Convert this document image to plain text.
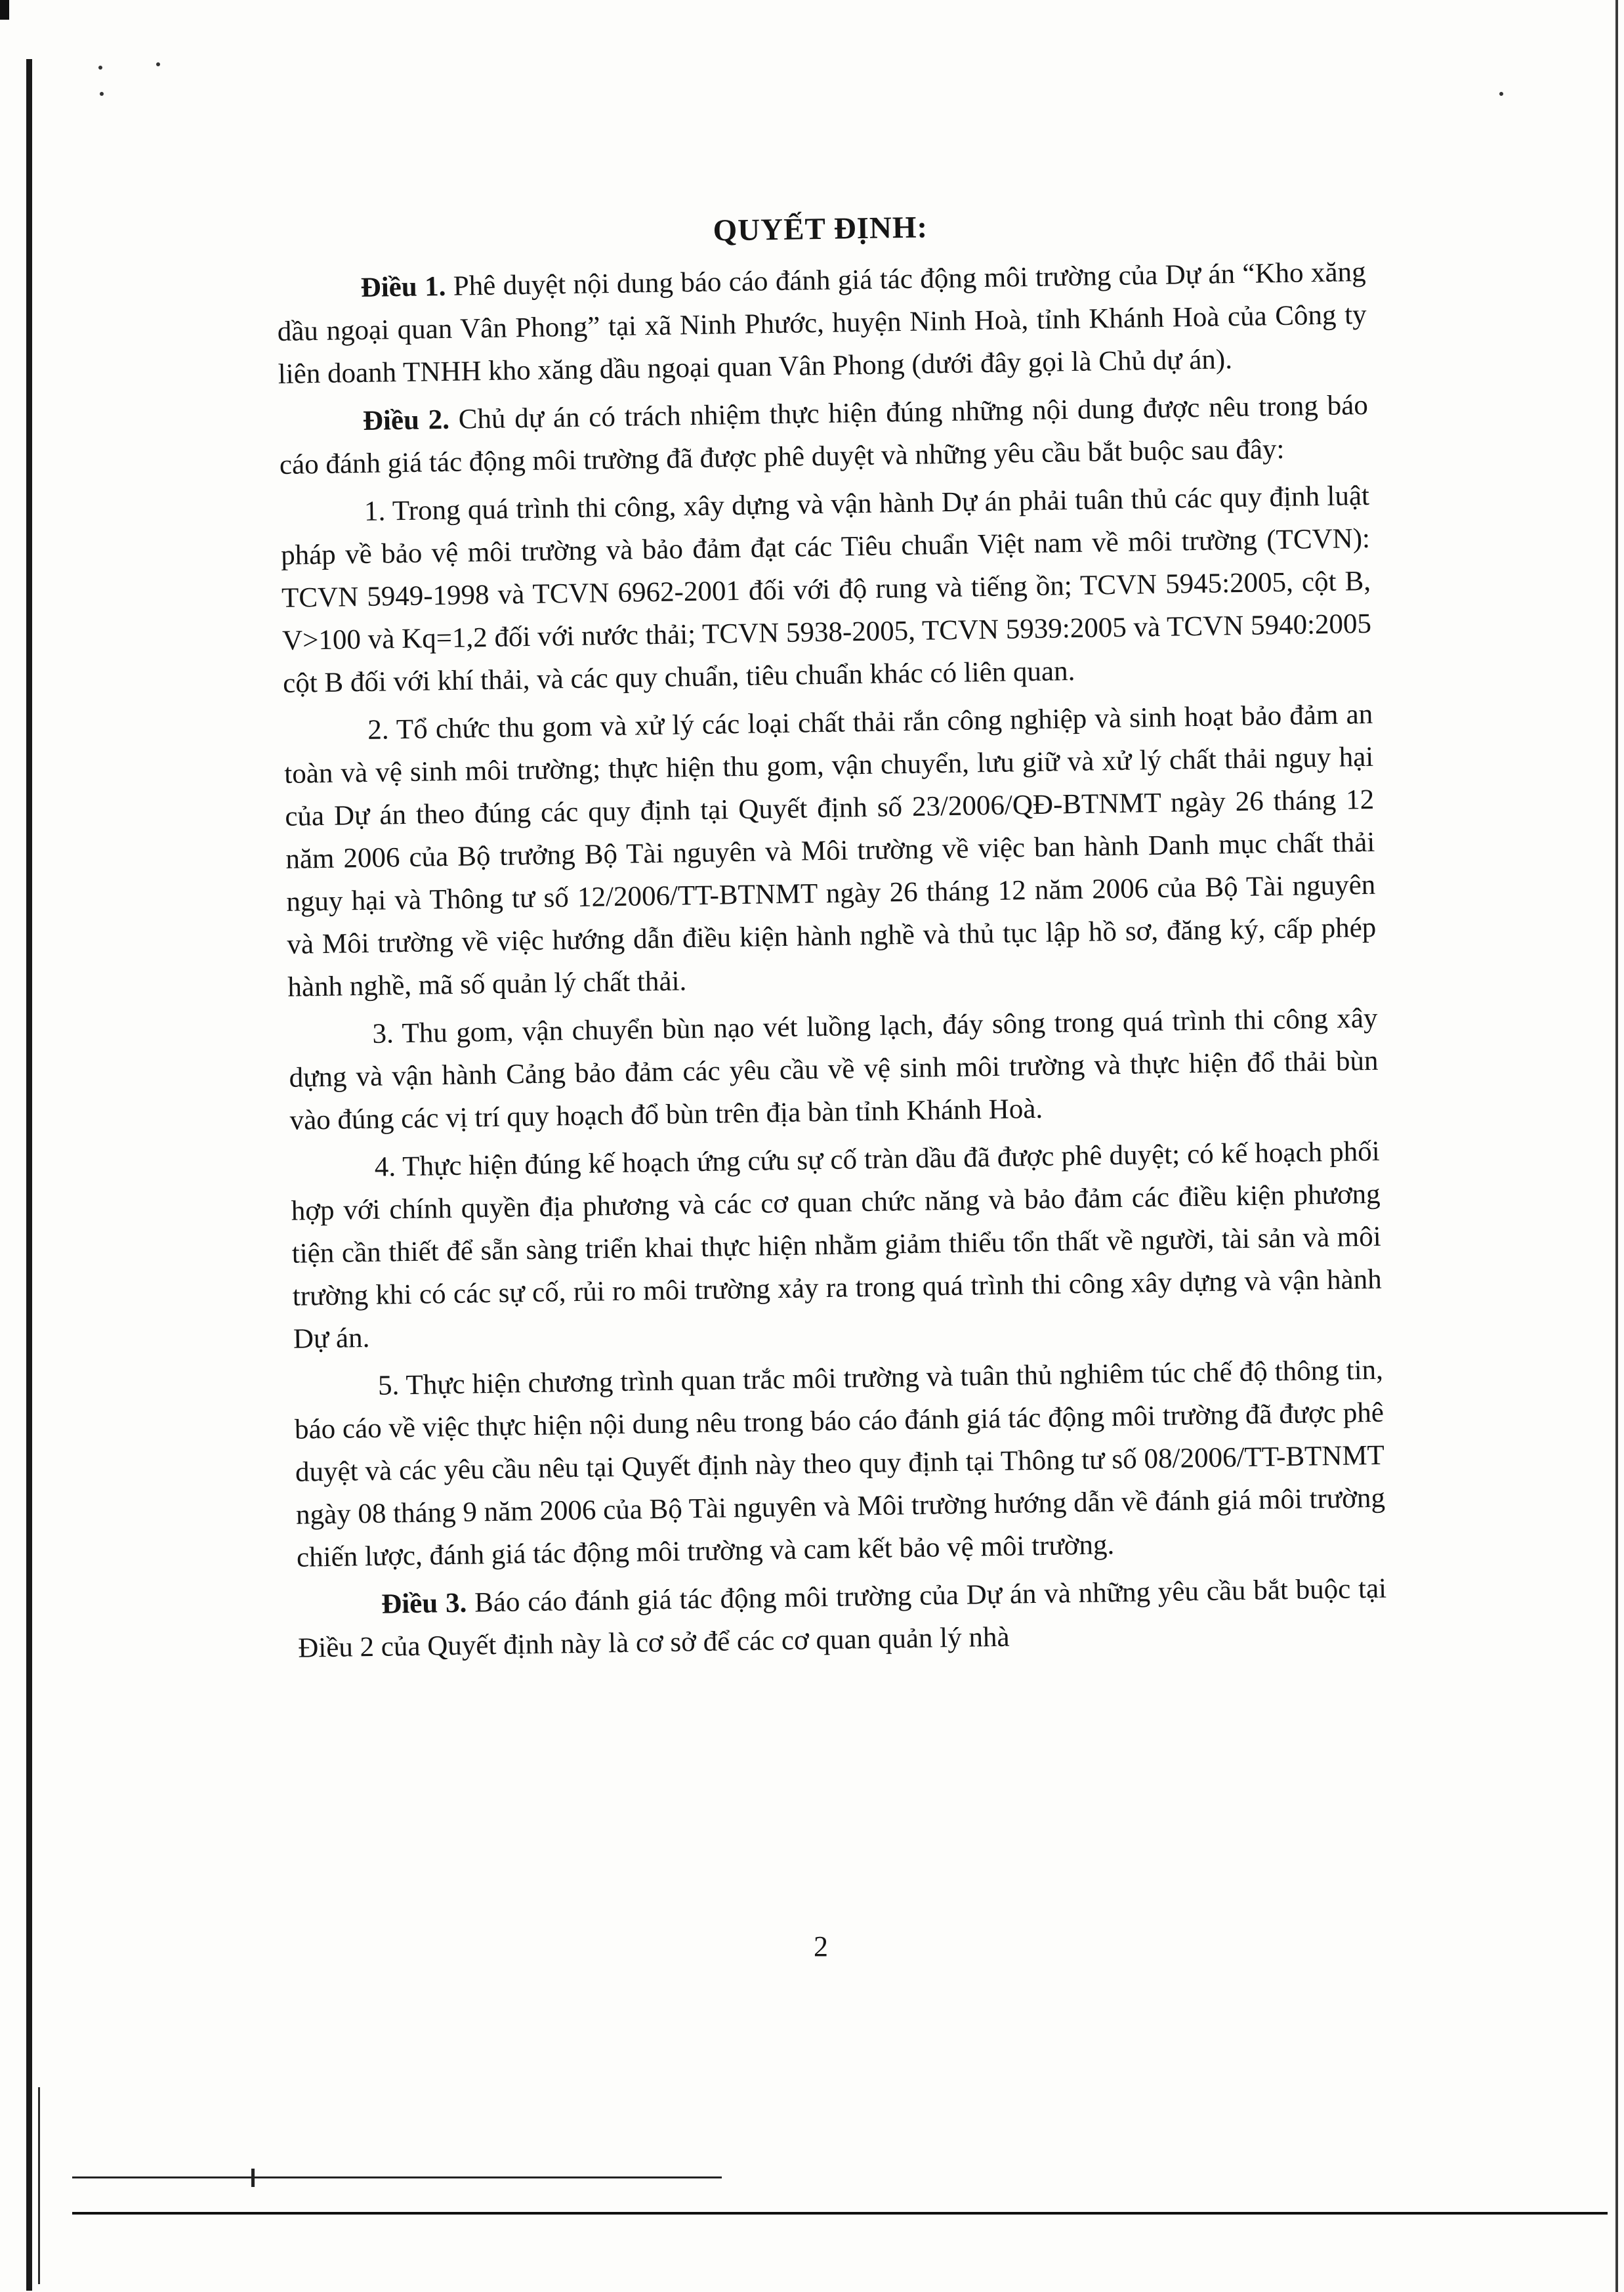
QUYẾT ĐỊNH:

Điều 1. Phê duyệt nội dung báo cáo đánh giá tác động môi trường của Dự án “Kho xăng dầu ngoại quan Vân Phong” tại xã Ninh Phước, huyện Ninh Hoà, tỉnh Khánh Hoà của Công ty liên doanh TNHH kho xăng dầu ngoại quan Vân Phong (dưới đây gọi là Chủ dự án).

Điều 2. Chủ dự án có trách nhiệm thực hiện đúng những nội dung được nêu trong báo cáo đánh giá tác động môi trường đã được phê duyệt và những yêu cầu bắt buộc sau đây:

1. Trong quá trình thi công, xây dựng và vận hành Dự án phải tuân thủ các quy định luật pháp về bảo vệ môi trường và bảo đảm đạt các Tiêu chuẩn Việt nam về môi trường (TCVN): TCVN 5949-1998 và TCVN 6962-2001 đối với độ rung và tiếng ồn; TCVN 5945:2005, cột B, V>100 và Kq=1,2 đối với nước thải; TCVN 5938-2005, TCVN 5939:2005 và TCVN 5940:2005 cột B đối với khí thải, và các quy chuẩn, tiêu chuẩn khác có liên quan.

2. Tổ chức thu gom và xử lý các loại chất thải rắn công nghiệp và sinh hoạt bảo đảm an toàn và vệ sinh môi trường; thực hiện thu gom, vận chuyển, lưu giữ và xử lý chất thải nguy hại của Dự án theo đúng các quy định tại Quyết định số 23/2006/QĐ-BTNMT ngày 26 tháng 12 năm 2006 của Bộ trưởng Bộ Tài nguyên và Môi trường về việc ban hành Danh mục chất thải nguy hại và Thông tư số 12/2006/TT-BTNMT ngày 26 tháng 12 năm 2006 của Bộ Tài nguyên và Môi trường về việc hướng dẫn điều kiện hành nghề và thủ tục lập hồ sơ, đăng ký, cấp phép hành nghề, mã số quản lý chất thải.

3. Thu gom, vận chuyển bùn nạo vét luồng lạch, đáy sông trong quá trình thi công xây dựng và vận hành Cảng bảo đảm các yêu cầu về vệ sinh môi trường và thực hiện đổ thải bùn vào đúng các vị trí quy hoạch đổ bùn trên địa bàn tỉnh Khánh Hoà.

4. Thực hiện đúng kế hoạch ứng cứu sự cố tràn dầu đã được phê duyệt; có kế hoạch phối hợp với chính quyền địa phương và các cơ quan chức năng và bảo đảm các điều kiện phương tiện cần thiết để sẵn sàng triển khai thực hiện nhằm giảm thiểu tổn thất về người, tài sản và môi trường khi có các sự cố, rủi ro môi trường xảy ra trong quá trình thi công xây dựng và vận hành Dự án.

5. Thực hiện chương trình quan trắc môi trường và tuân thủ nghiêm túc chế độ thông tin, báo cáo về việc thực hiện nội dung nêu trong báo cáo đánh giá tác động môi trường đã được phê duyệt và các yêu cầu nêu tại Quyết định này theo quy định tại Thông tư số 08/2006/TT-BTNMT ngày 08 tháng 9 năm 2006 của Bộ Tài nguyên và Môi trường hướng dẫn về đánh giá môi trường chiến lược, đánh giá tác động môi trường và cam kết bảo vệ môi trường.

Điều 3. Báo cáo đánh giá tác động môi trường của Dự án và những yêu cầu bắt buộc tại Điều 2 của Quyết định này là cơ sở để các cơ quan quản lý nhà

2
